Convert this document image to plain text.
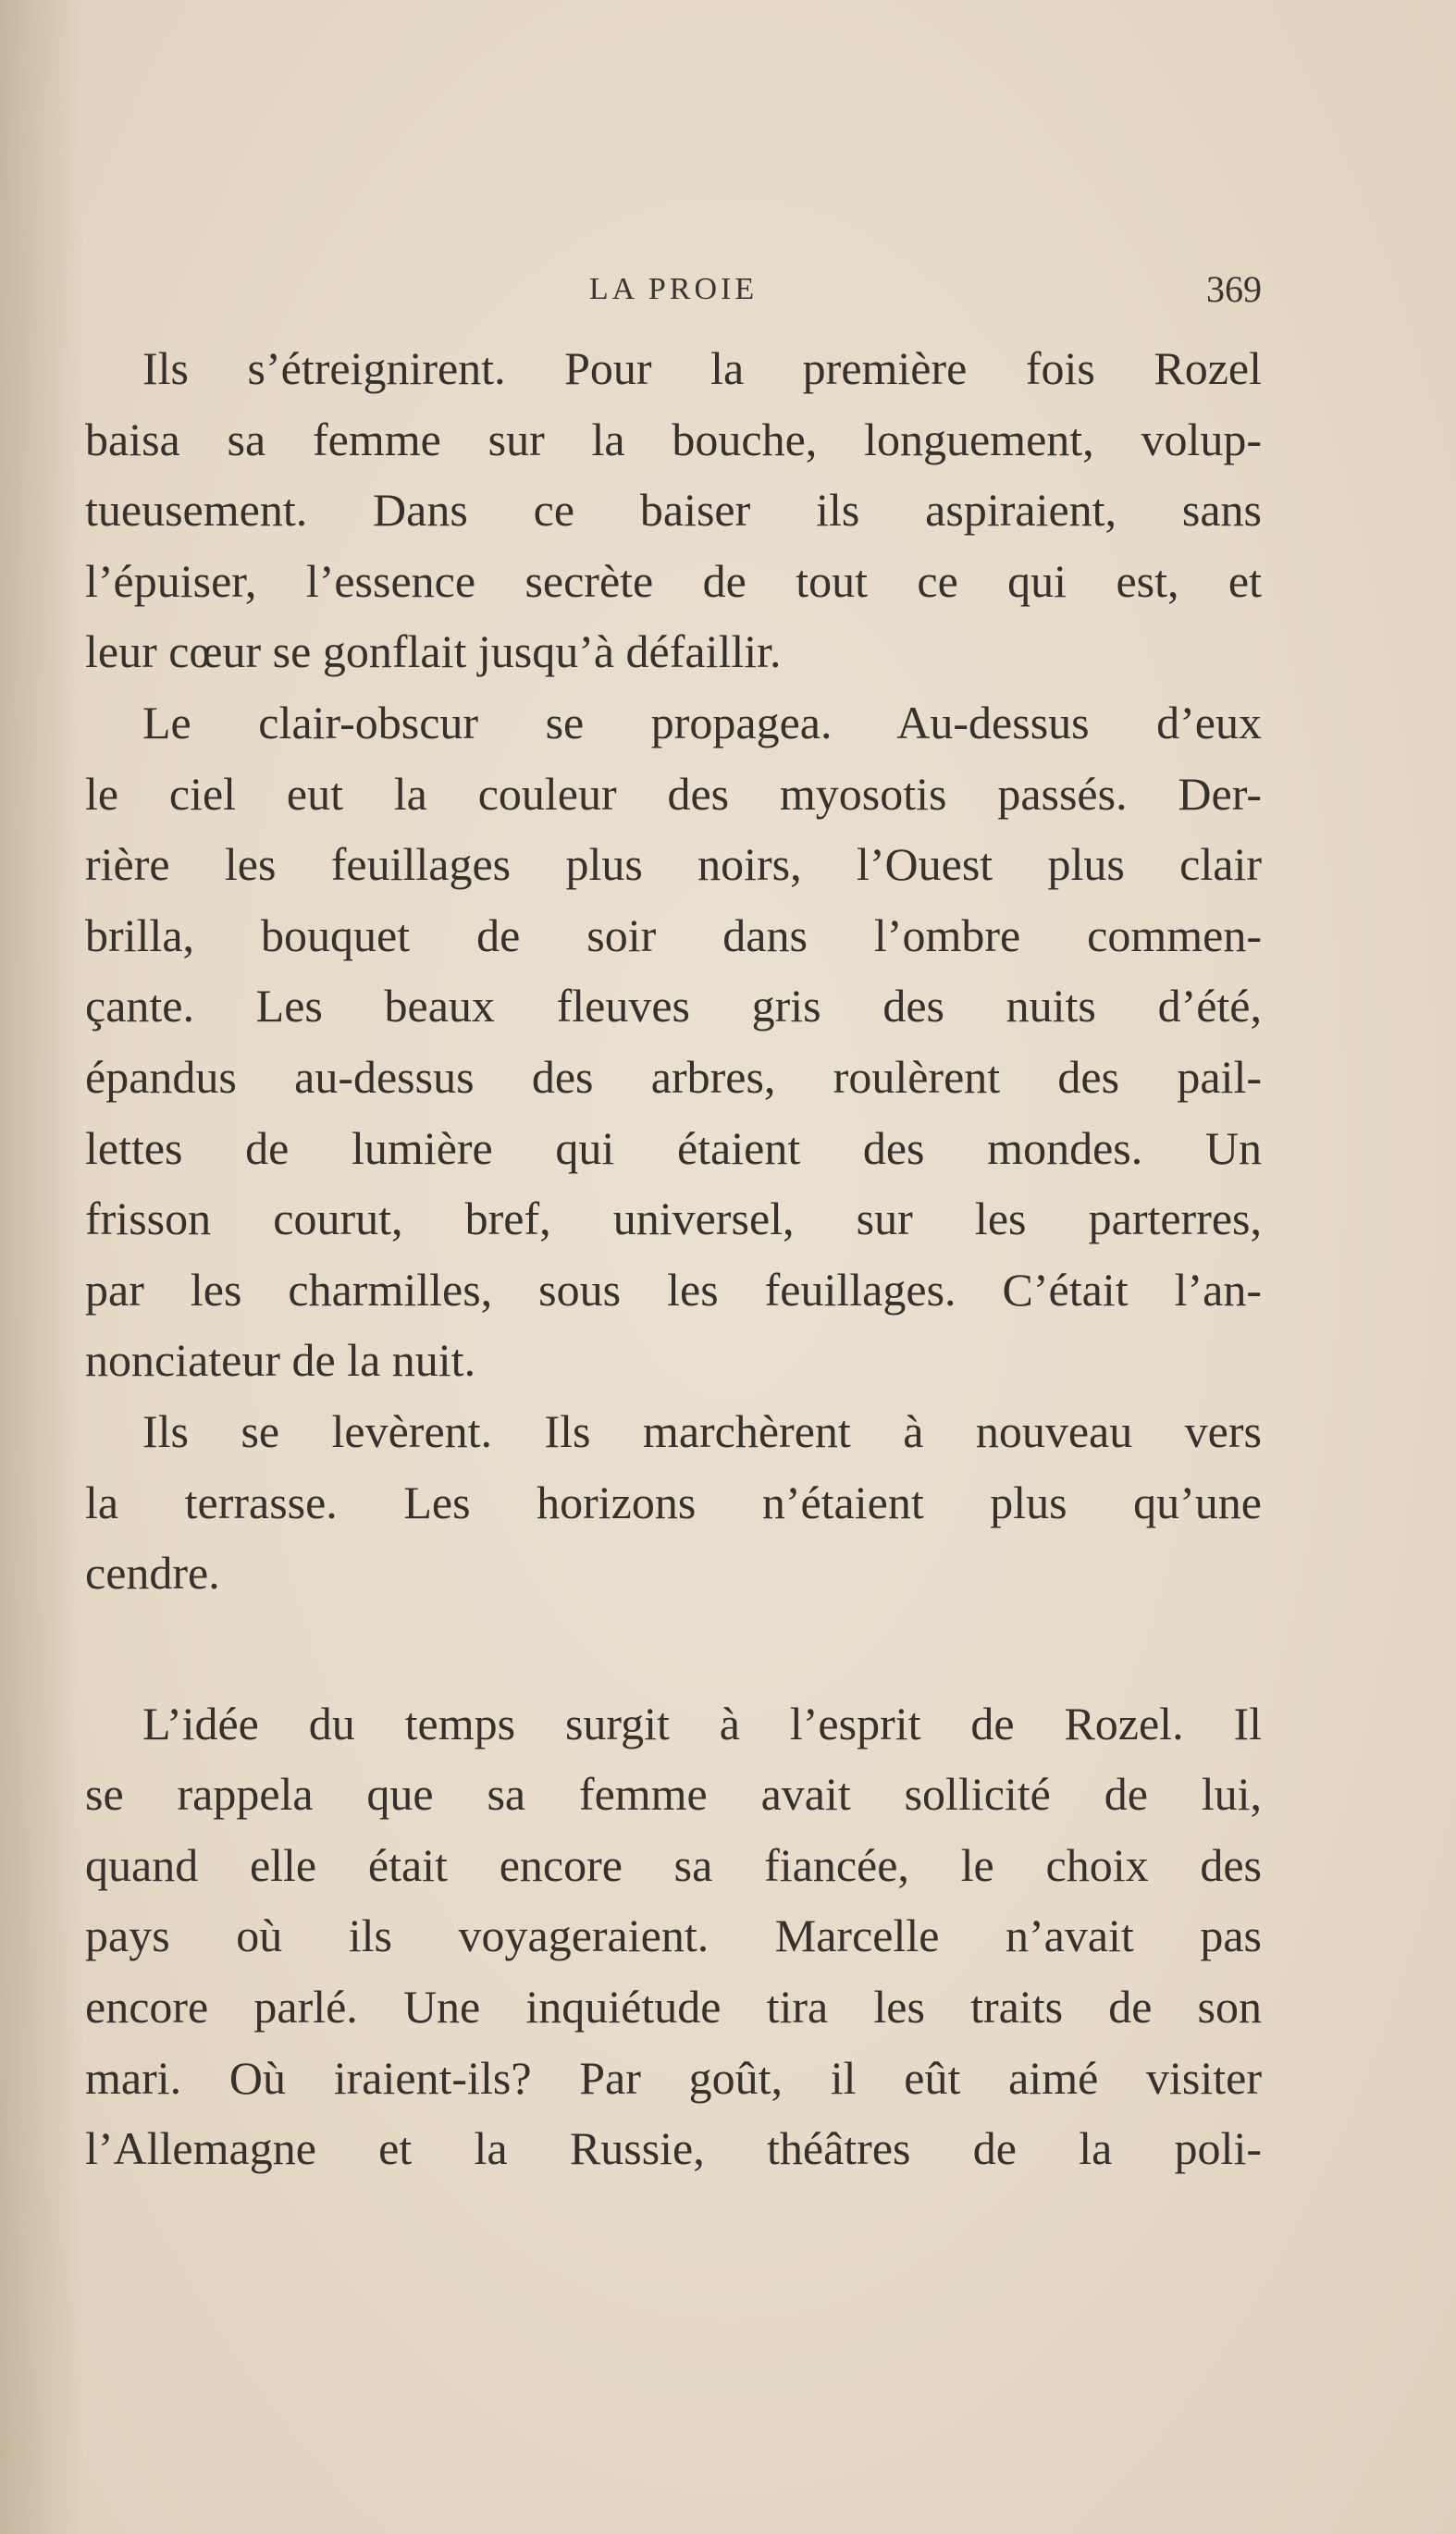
LA PROIE	369
Ils s’étreignirent. Pour la première fois Rozel
baisa sa femme sur la bouche, longuement, volup-
tueusement. Dans ce baiser ils aspiraient, sans
l’épuiser, l’essence secrète de tout ce qui est, et
leur cœur se gonflait jusqu’à défaillir.
Le clair-obscur se propagea. Au-dessus d’eux
le ciel eut la couleur des myosotis passés. Der-
rière les feuillages plus noirs, l’Ouest plus clair
brilla, bouquet de soir dans l’ombre commen-
çante. Les beaux fleuves gris des nuits d’été,
épandus au-dessus des arbres, roulèrent des pail-
lettes de lumière qui étaient des mondes. Un
frisson courut, bref, universel, sur les parterres,
par les charmilles, sous les feuillages. C’était l’an-
nonciateur de la nuit.
Ils se levèrent. Ils marchèrent à nouveau vers
la terrasse. Les horizons n’étaient plus qu’une
cendre.
L’idée du temps surgit à l’esprit de Rozel. Il
se rappela que sa femme avait sollicité de lui,
quand elle était encore sa fiancée, le choix des
pays où ils voyageraient. Marcelle n’avait pas
encore parlé. Une inquiétude tira les traits de son
mari. Où iraient-ils? Par goût, il eût aimé visiter
l’Allemagne et la Russie, théâtres de la poli-
